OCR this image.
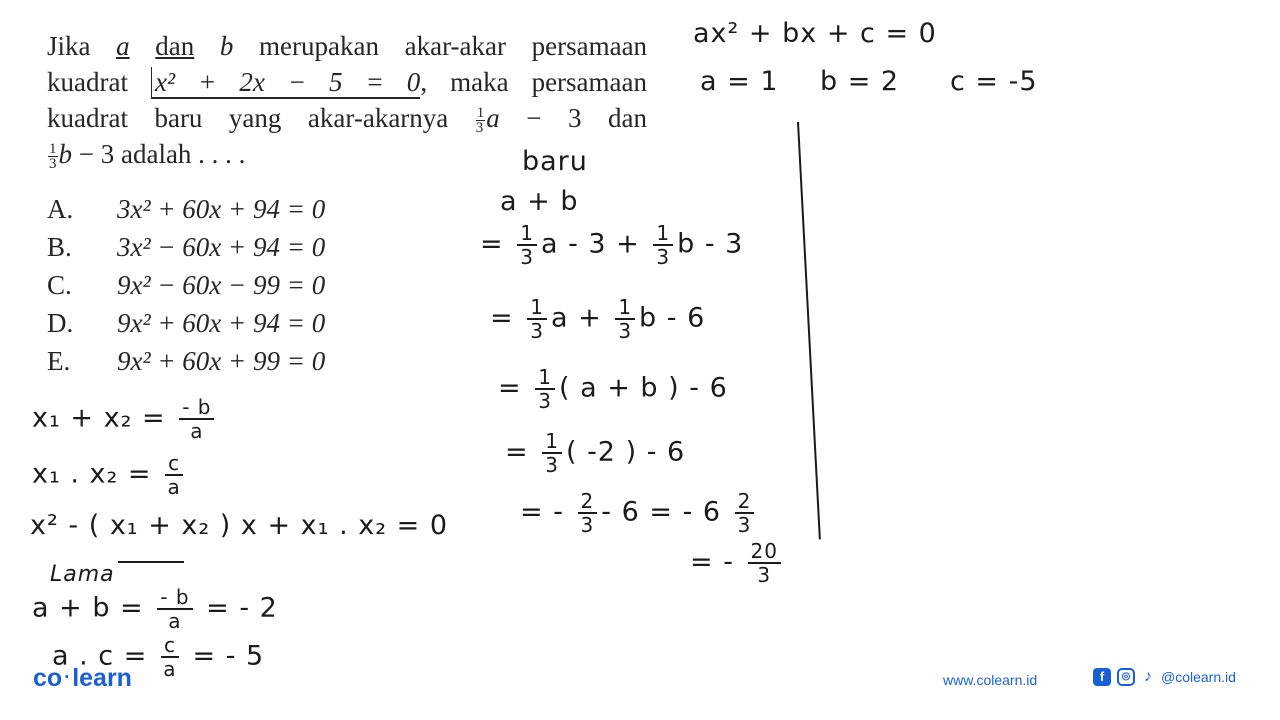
Jika a dan b merupakan akar-akar persamaan
kuadrat x² + 2x − 5 = 0, maka persamaan
kuadrat baru yang akar-akarnya $\frac{1}{3}$ a − 3 dan
$\frac{1}{3}$ b − 3 adalah . . . .
A. 3x² + 60x + 94 = 0
B. 3x² − 60x + 94 = 0
C. 9x² − 60x − 99 = 0
D. 9x² + 60x + 94 = 0
E. 9x² + 60x + 99 = 0
ax² + bx + c = 0
a = 1 b = 2 c = -5
baru
a + b
= $\frac{1}{3}$ $a - 3 + \frac{1}{3}$ b - 3
= $\frac{1}{3}$ $a + \frac{1}{3}$ b - 6
= $\frac{1}{3}$ ( a + b ) - 6
= $\frac{1}{3}$ ( -2 ) - 6
= - $\frac{2}{3} - 6$ = - $6 \frac{2}{3}$
= - $\frac{20}{3}$
$x_1 + x_2 = \frac{- b}{a}$
x₁ . $x_2 = \frac{c}{a}$
x² - ( x₁ + x₂ ) x + x₁ . x₂ = 0
Lama
$a + b = \frac{- b}{a}$ = - 2
a . $c = \frac{c}{a}$ = - 5
co ·learn	www.colearn.id	f	◎ ♪ @colearn.id
